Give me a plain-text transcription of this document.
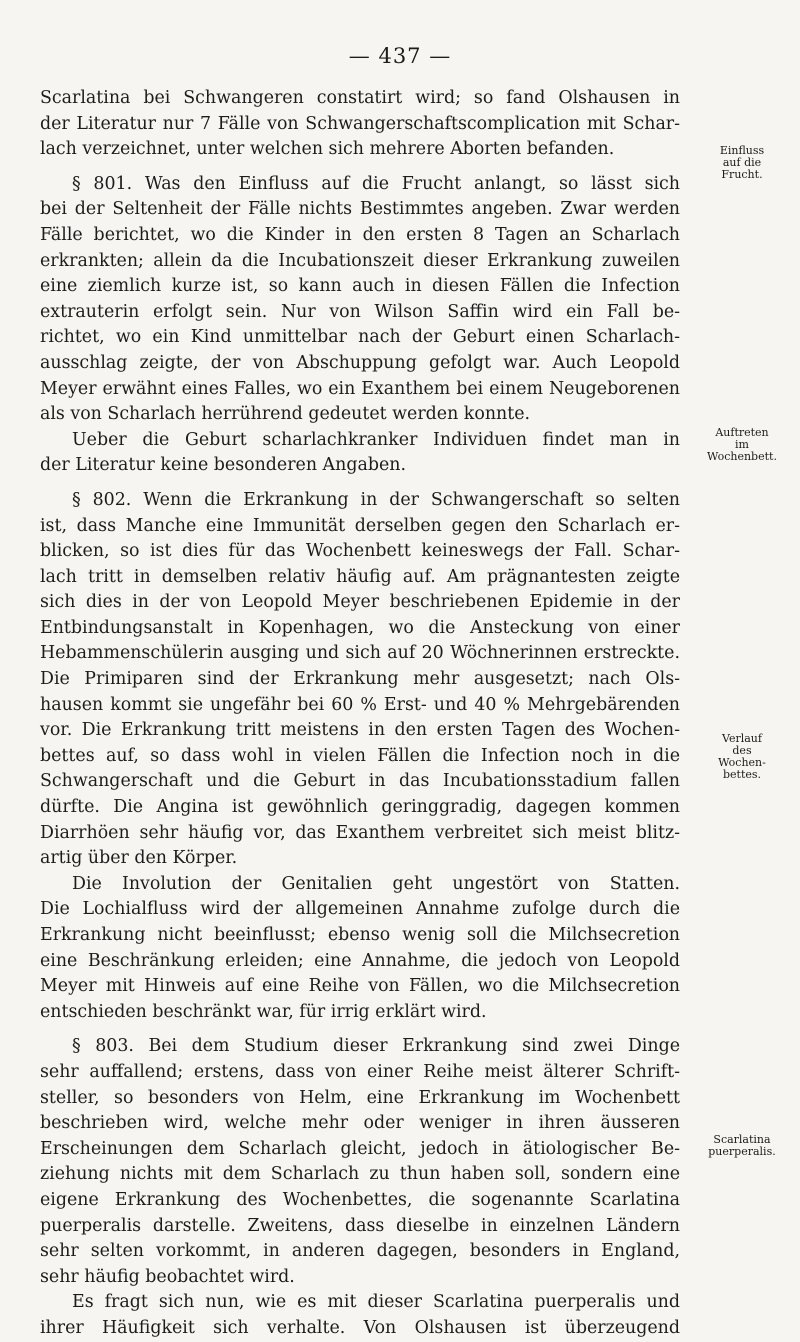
— 437 —
Scarlatina bei Schwangeren constatirt wird; so fand Olshausen in
der Literatur nur 7 Fälle von Schwangerschaftscomplication mit Schar-
lach verzeichnet, unter welchen sich mehrere Aborten befanden.
§ 801. Was den Einfluss auf die Frucht anlangt, so lässt sich
bei der Seltenheit der Fälle nichts Bestimmtes angeben. Zwar werden
Fälle berichtet, wo die Kinder in den ersten 8 Tagen an Scharlach
erkrankten; allein da die Incubationszeit dieser Erkrankung zuweilen
eine ziemlich kurze ist, so kann auch in diesen Fällen die Infection
extrauterin erfolgt sein. Nur von Wilson Saffin wird ein Fall be-
richtet, wo ein Kind unmittelbar nach der Geburt einen Scharlach-
ausschlag zeigte, der von Abschuppung gefolgt war. Auch Leopold
Meyer erwähnt eines Falles, wo ein Exanthem bei einem Neugeborenen
als von Scharlach herrührend gedeutet werden konnte.
Ueber die Geburt scharlachkranker Individuen findet man in
der Literatur keine besonderen Angaben.
§ 802. Wenn die Erkrankung in der Schwangerschaft so selten
ist, dass Manche eine Immunität derselben gegen den Scharlach er-
blicken, so ist dies für das Wochenbett keineswegs der Fall. Schar-
lach tritt in demselben relativ häufig auf. Am prägnantesten zeigte
sich dies in der von Leopold Meyer beschriebenen Epidemie in der
Entbindungsanstalt in Kopenhagen, wo die Ansteckung von einer
Hebammenschülerin ausging und sich auf 20 Wöchnerinnen erstreckte.
Die Primiparen sind der Erkrankung mehr ausgesetzt; nach Ols-
hausen kommt sie ungefähr bei 60 % Erst- und 40 % Mehrgebärenden
vor. Die Erkrankung tritt meistens in den ersten Tagen des Wochen-
bettes auf, so dass wohl in vielen Fällen die Infection noch in die
Schwangerschaft und die Geburt in das Incubationsstadium fallen
dürfte. Die Angina ist gewöhnlich geringgradig, dagegen kommen
Diarrhöen sehr häufig vor, das Exanthem verbreitet sich meist blitz-
artig über den Körper.
Die Involution der Genitalien geht ungestört von Statten.
Die Lochialfluss wird der allgemeinen Annahme zufolge durch die
Erkrankung nicht beeinflusst; ebenso wenig soll die Milchsecretion
eine Beschränkung erleiden; eine Annahme, die jedoch von Leopold
Meyer mit Hinweis auf eine Reihe von Fällen, wo die Milchsecretion
entschieden beschränkt war, für irrig erklärt wird.
§ 803. Bei dem Studium dieser Erkrankung sind zwei Dinge
sehr auffallend; erstens, dass von einer Reihe meist älterer Schrift-
steller, so besonders von Helm, eine Erkrankung im Wochenbett
beschrieben wird, welche mehr oder weniger in ihren äusseren
Erscheinungen dem Scharlach gleicht, jedoch in ätiologischer Be-
ziehung nichts mit dem Scharlach zu thun haben soll, sondern eine
eigene Erkrankung des Wochenbettes, die sogenannte Scarlatina
puerperalis darstelle. Zweitens, dass dieselbe in einzelnen Ländern
sehr selten vorkommt, in anderen dagegen, besonders in England,
sehr häufig beobachtet wird.
Es fragt sich nun, wie es mit dieser Scarlatina puerperalis und
ihrer Häufigkeit sich verhalte. Von Olshausen ist überzeugend
Einfluss
auf die
Frucht.
Auftreten
im
Wochenbett.
Verlauf
des
Wochen-
bettes.
Scarlatina
puerperalis.
